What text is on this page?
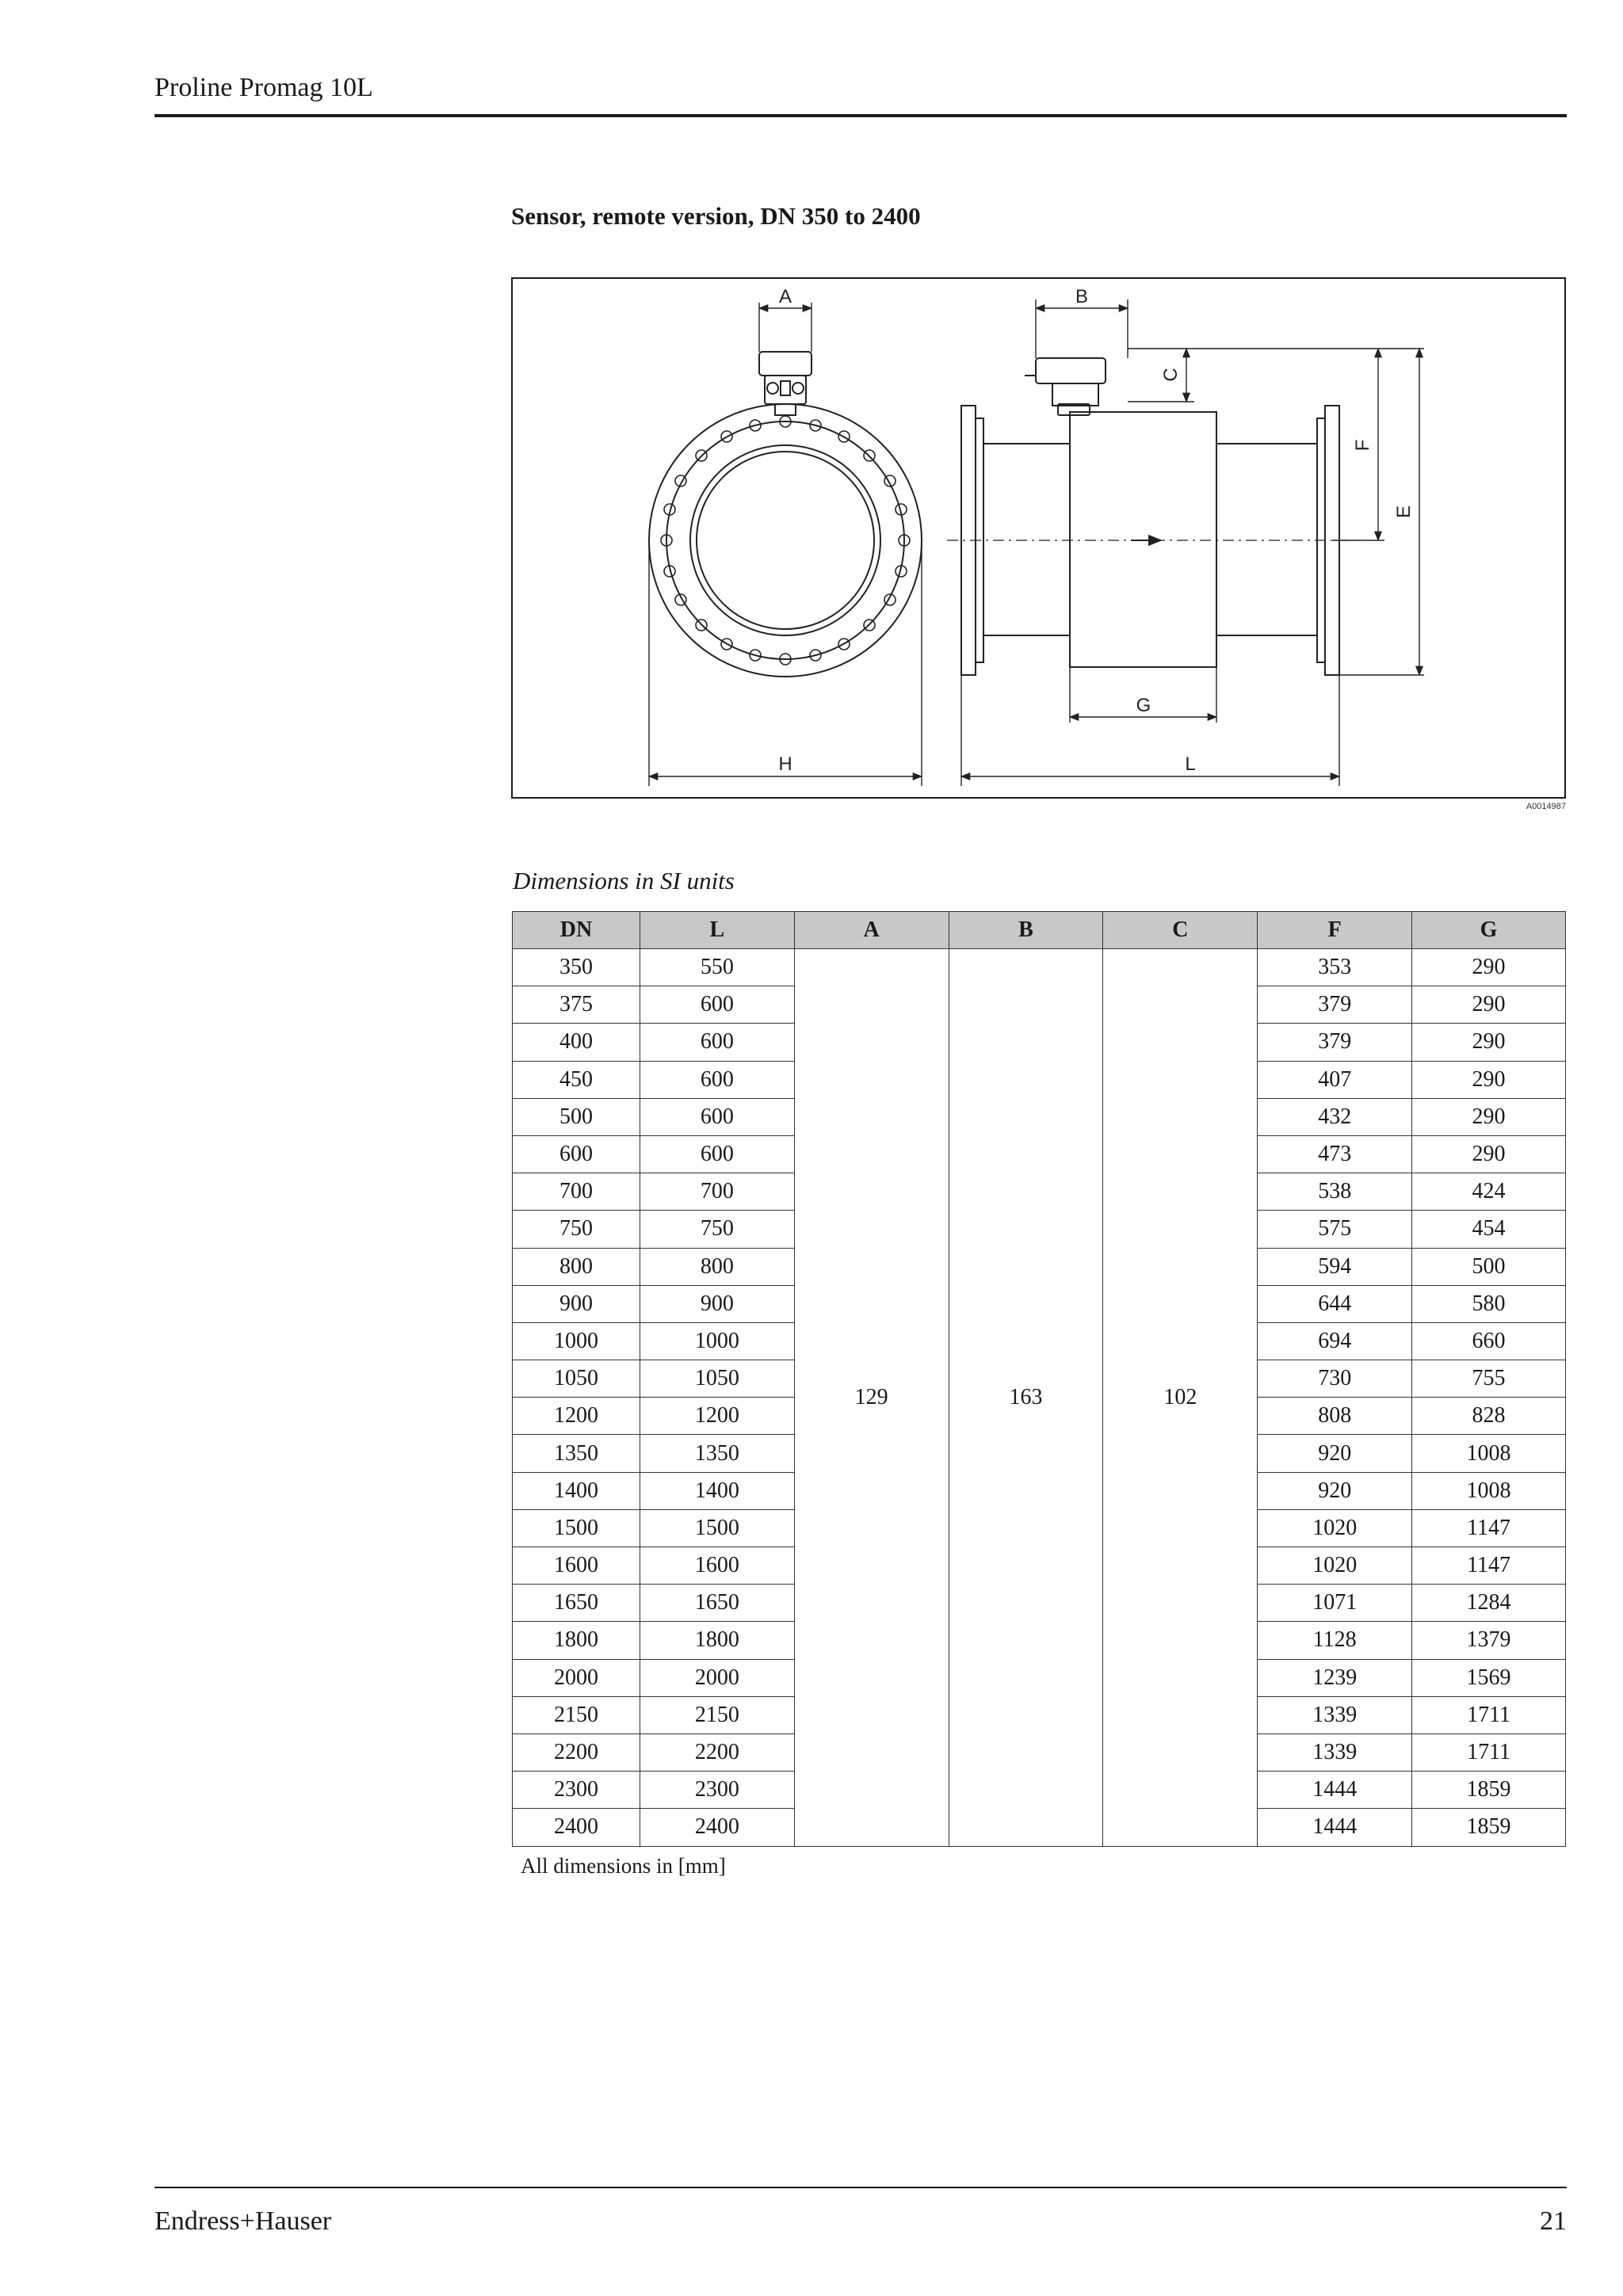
Proline Promag 10L
Sensor, remote version, DN 350 to 2400
A
H
B
C
F
E
G
L
A0014987
Dimensions in SI units
DN	L	A	B	C	F	G
350	550	129	163	102	353	290
375	600				379	290
400	600				379	290
450	600				407	290
500	600				432	290
600	600				473	290
700	700				538	424
750	750				575	454
800	800				594	500
900	900				644	580
1000	1000				694	660
1050	1050				730	755
1200	1200				808	828
1350	1350				920	1008
1400	1400				920	1008
1500	1500				1020	1147
1600	1600				1020	1147
1650	1650				1071	1284
1800	1800				1128	1379
2000	2000				1239	1569
2150	2150				1339	1711
2200	2200				1339	1711
2300	2300				1444	1859
2400	2400				1444	1859
All dimensions in [mm]
Endress+Hauser	21
